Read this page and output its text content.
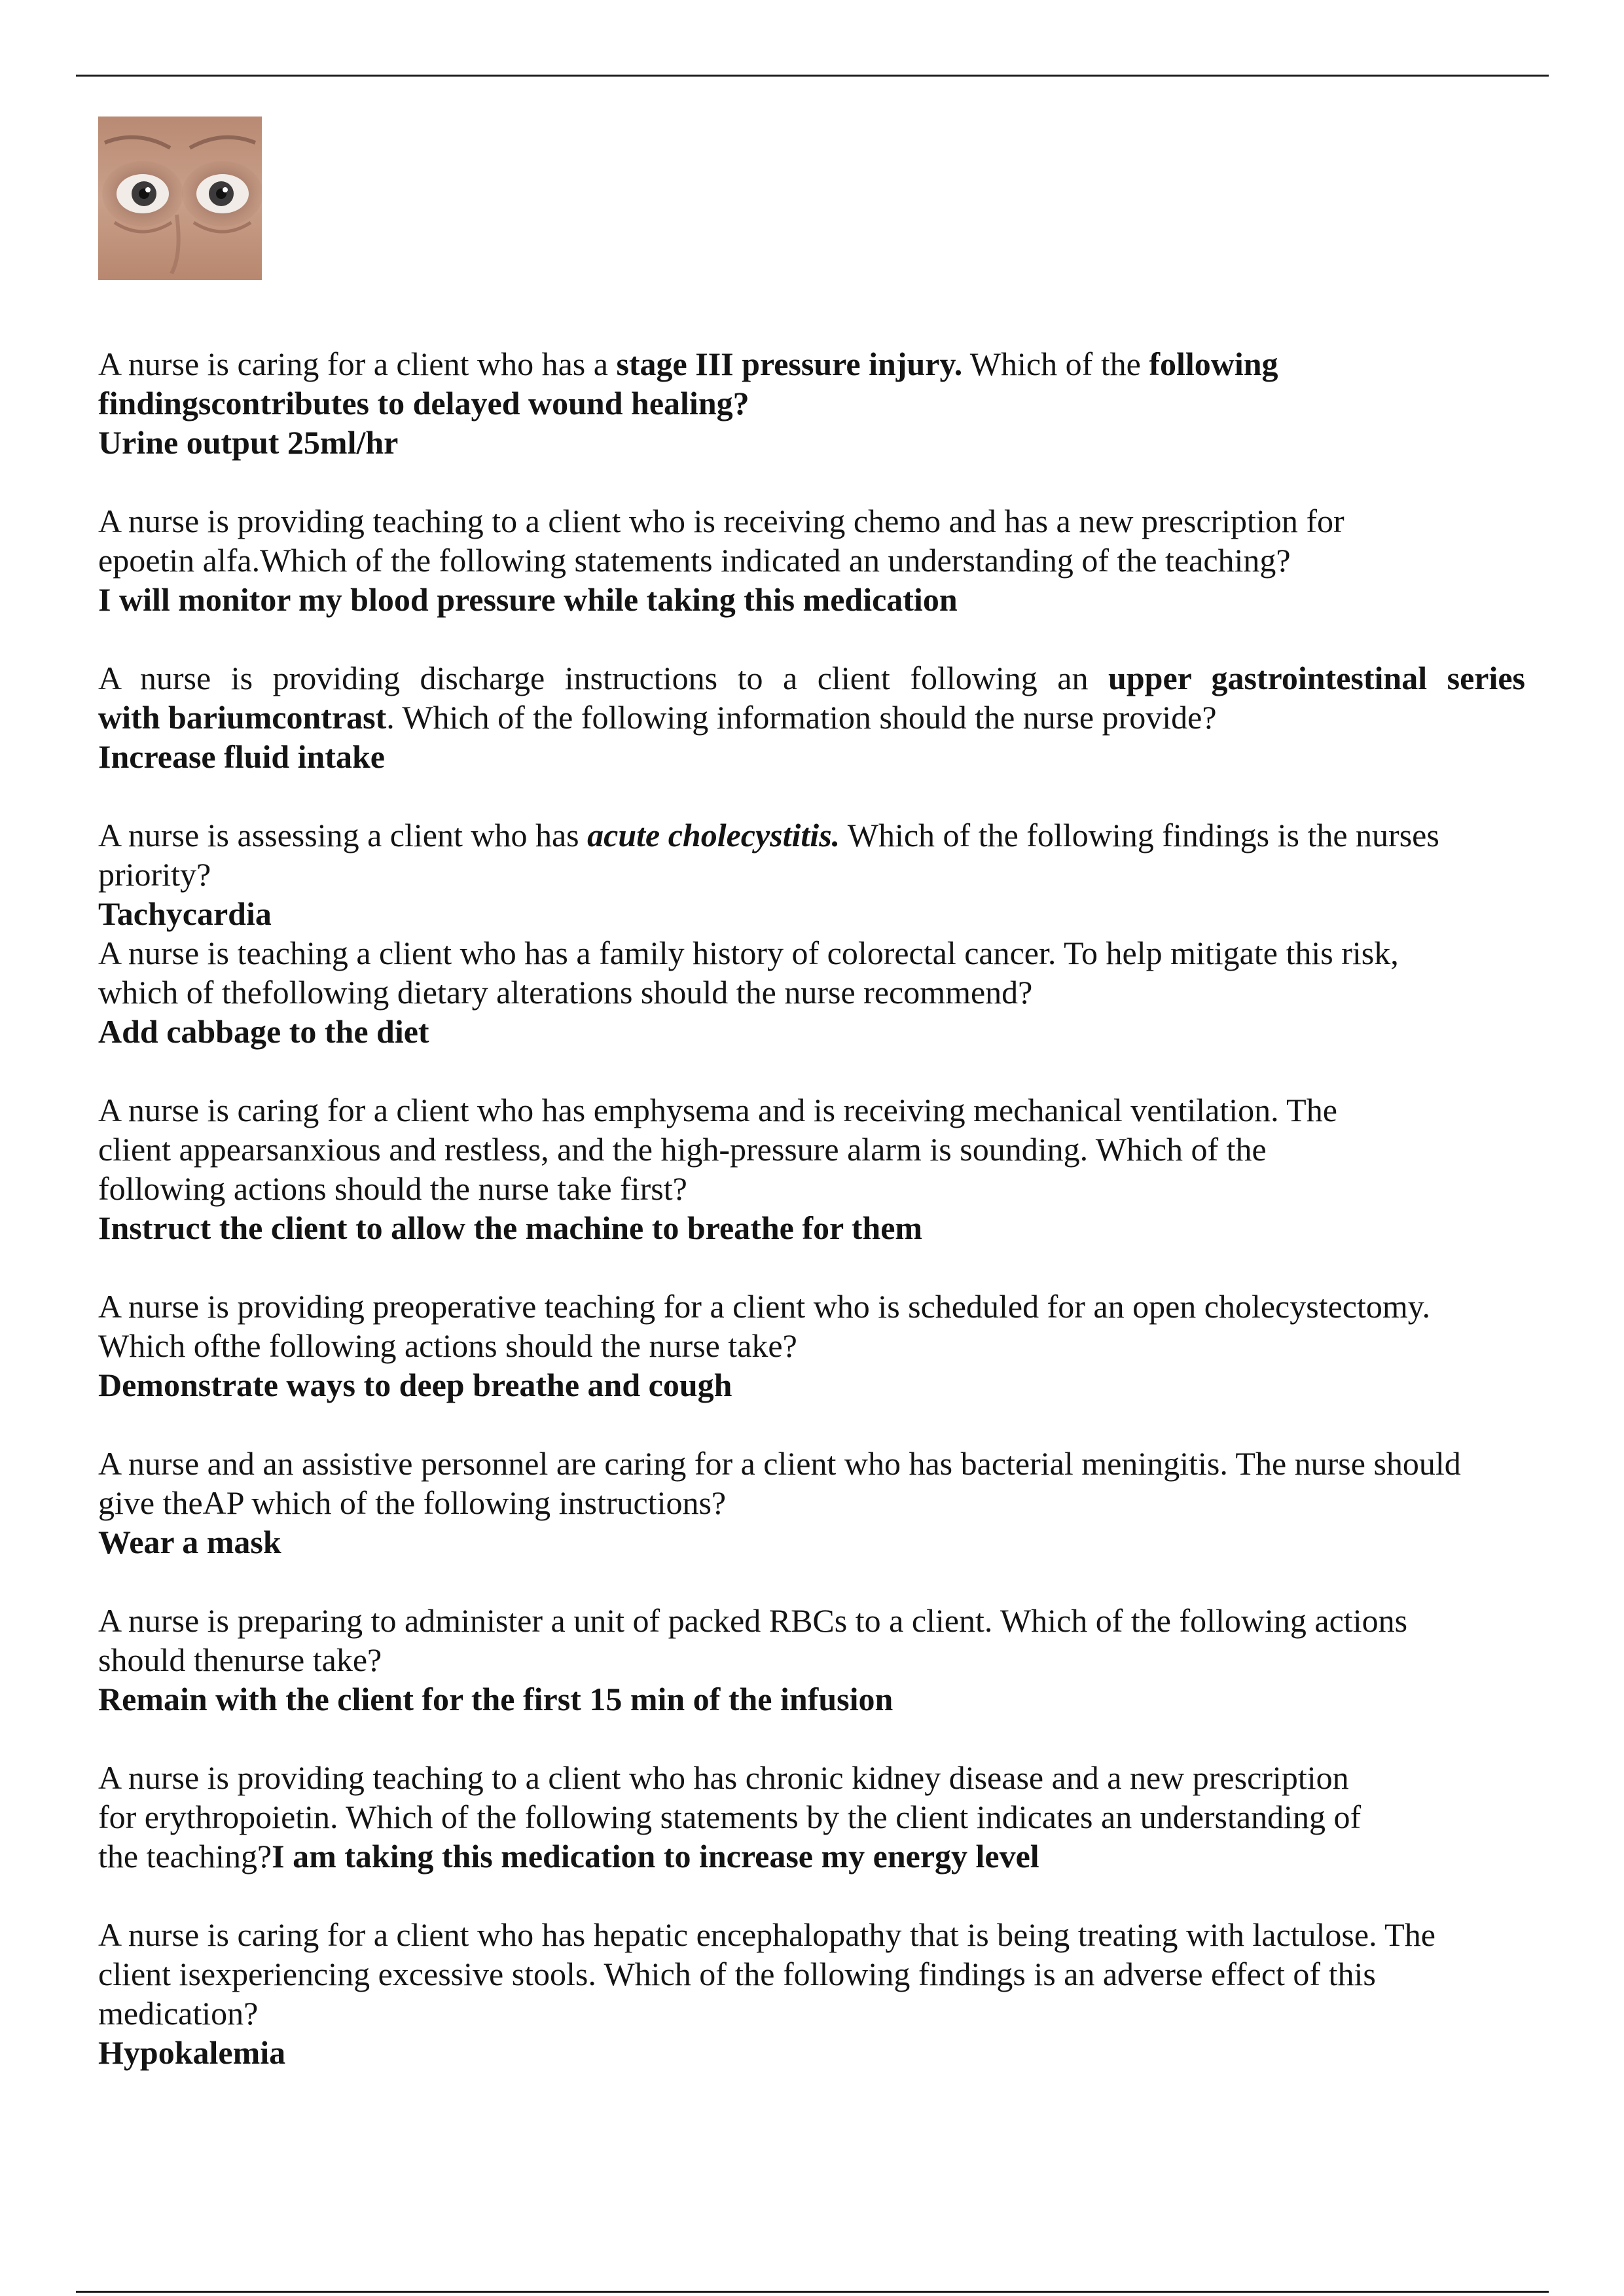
A nurse is caring for a client who has a stage III pressure injury. Which of the following
findingscontributes to delayed wound healing?
Urine output 25ml/hr
A nurse is providing teaching to a client who is receiving chemo and has a new prescription for
epoetin alfa.Which of the following statements indicated an understanding of the teaching?
I will monitor my blood pressure while taking this medication
A nurse is providing discharge instructions to a client following an upper gastrointestinal series
with bariumcontrast. Which of the following information should the nurse provide?
Increase fluid intake
A nurse is assessing a client who has acute cholecystitis. Which of the following findings is the nurses
priority?
Tachycardia
A nurse is teaching a client who has a family history of colorectal cancer. To help mitigate this risk,
which of thefollowing dietary alterations should the nurse recommend?
Add cabbage to the diet
A nurse is caring for a client who has emphysema and is receiving mechanical ventilation. The
client appearsanxious and restless, and the high-pressure alarm is sounding. Which of the
following actions should the nurse take first?
Instruct the client to allow the machine to breathe for them
A nurse is providing preoperative teaching for a client who is scheduled for an open cholecystectomy.
Which ofthe following actions should the nurse take?
Demonstrate ways to deep breathe and cough
A nurse and an assistive personnel are caring for a client who has bacterial meningitis. The nurse should
give theAP which of the following instructions?
Wear a mask
A nurse is preparing to administer a unit of packed RBCs to a client. Which of the following actions
should thenurse take?
Remain with the client for the first 15 min of the infusion
A nurse is providing teaching to a client who has chronic kidney disease and a new prescription
for erythropoietin. Which of the following statements by the client indicates an understanding of
the teaching?I am taking this medication to increase my energy level
A nurse is caring for a client who has hepatic encephalopathy that is being treating with lactulose. The
client isexperiencing excessive stools. Which of the following findings is an adverse effect of this
medication?
Hypokalemia
